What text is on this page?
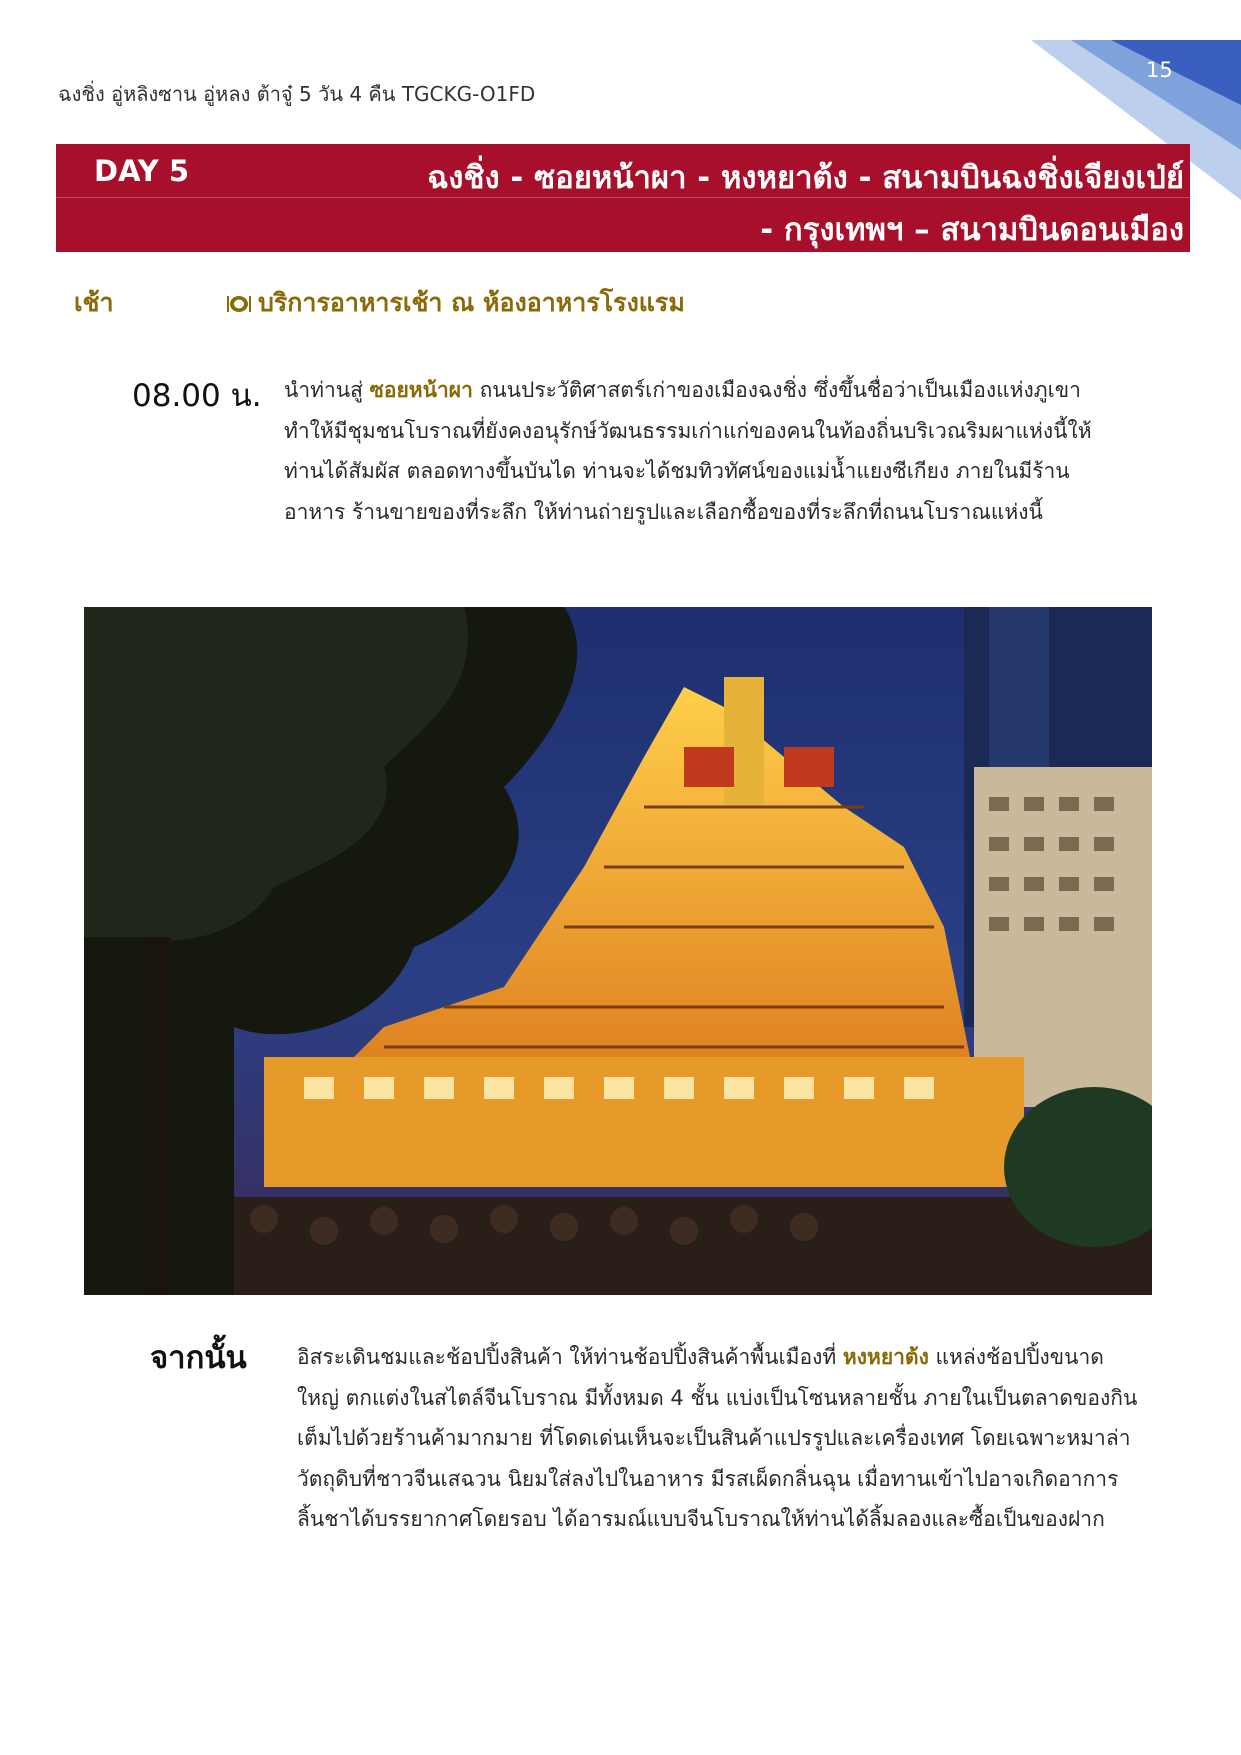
15
ฉงชิ่ง อู่หลิงซาน อู่หลง ต้าจู๋ 5 วัน 4 คืน TGCKG-O1FD
DAY 5	ฉงชิ่ง - ซอยหน้าผา - หงหยาต้ง - สนามบินฉงชิ่งเจียงเป่ย์
- กรุงเทพฯ – สนามบินดอนเมือง
เช้า	บริการอาหารเช้า ณ ห้องอาหารโรงแรม
08.00 น. นำท่านสู่ ซอยหน้าผา ถนนประวัติศาสตร์เก่าของเมืองฉงชิ่ง ซึ่งขึ้นชื่อว่าเป็นเมืองแห่งภูเขาทำให้มีชุมชนโบราณที่ยังคงอนุรักษ์วัฒนธรรมเก่าแก่ของคนในท้องถิ่นบริเวณริมผาแห่งนี้ให้ท่านได้สัมผัส ตลอดทางขึ้นบันได ท่านจะได้ชมทิวทัศน์ของแม่น้ำแยงซีเกียง ภายในมีร้านอาหาร ร้านขายของที่ระลึก ให้ท่านถ่ายรูปและเลือกซื้อของที่ระลึกที่ถนนโบราณแห่งนี้

จากนั้น อิสระเดินชมและช้อปปิ้งสินค้า ให้ท่านช้อปปิ้งสินค้าพื้นเมืองที่ หงหยาต้ง แหล่งช้อปปิ้งขนาดใหญ่ ตกแต่งในสไตล์จีนโบราณ มีทั้งหมด 4 ชั้น แบ่งเป็นโซนหลายชั้น ภายในเป็นตลาดของกินเต็มไปด้วยร้านค้ามากมาย ที่โดดเด่นเห็นจะเป็นสินค้าแปรรูปและเครื่องเทศ โดยเฉพาะหมาล่าวัตถุดิบที่ชาวจีนเสฉวน นิยมใส่ลงไปในอาหาร มีรสเผ็ดกลิ่นฉุน เมื่อทานเข้าไปอาจเกิดอาการลิ้นชาได้บรรยากาศโดยรอบ ได้อารมณ์แบบจีนโบราณให้ท่านได้ลิ้มลองและซื้อเป็นของฝาก
